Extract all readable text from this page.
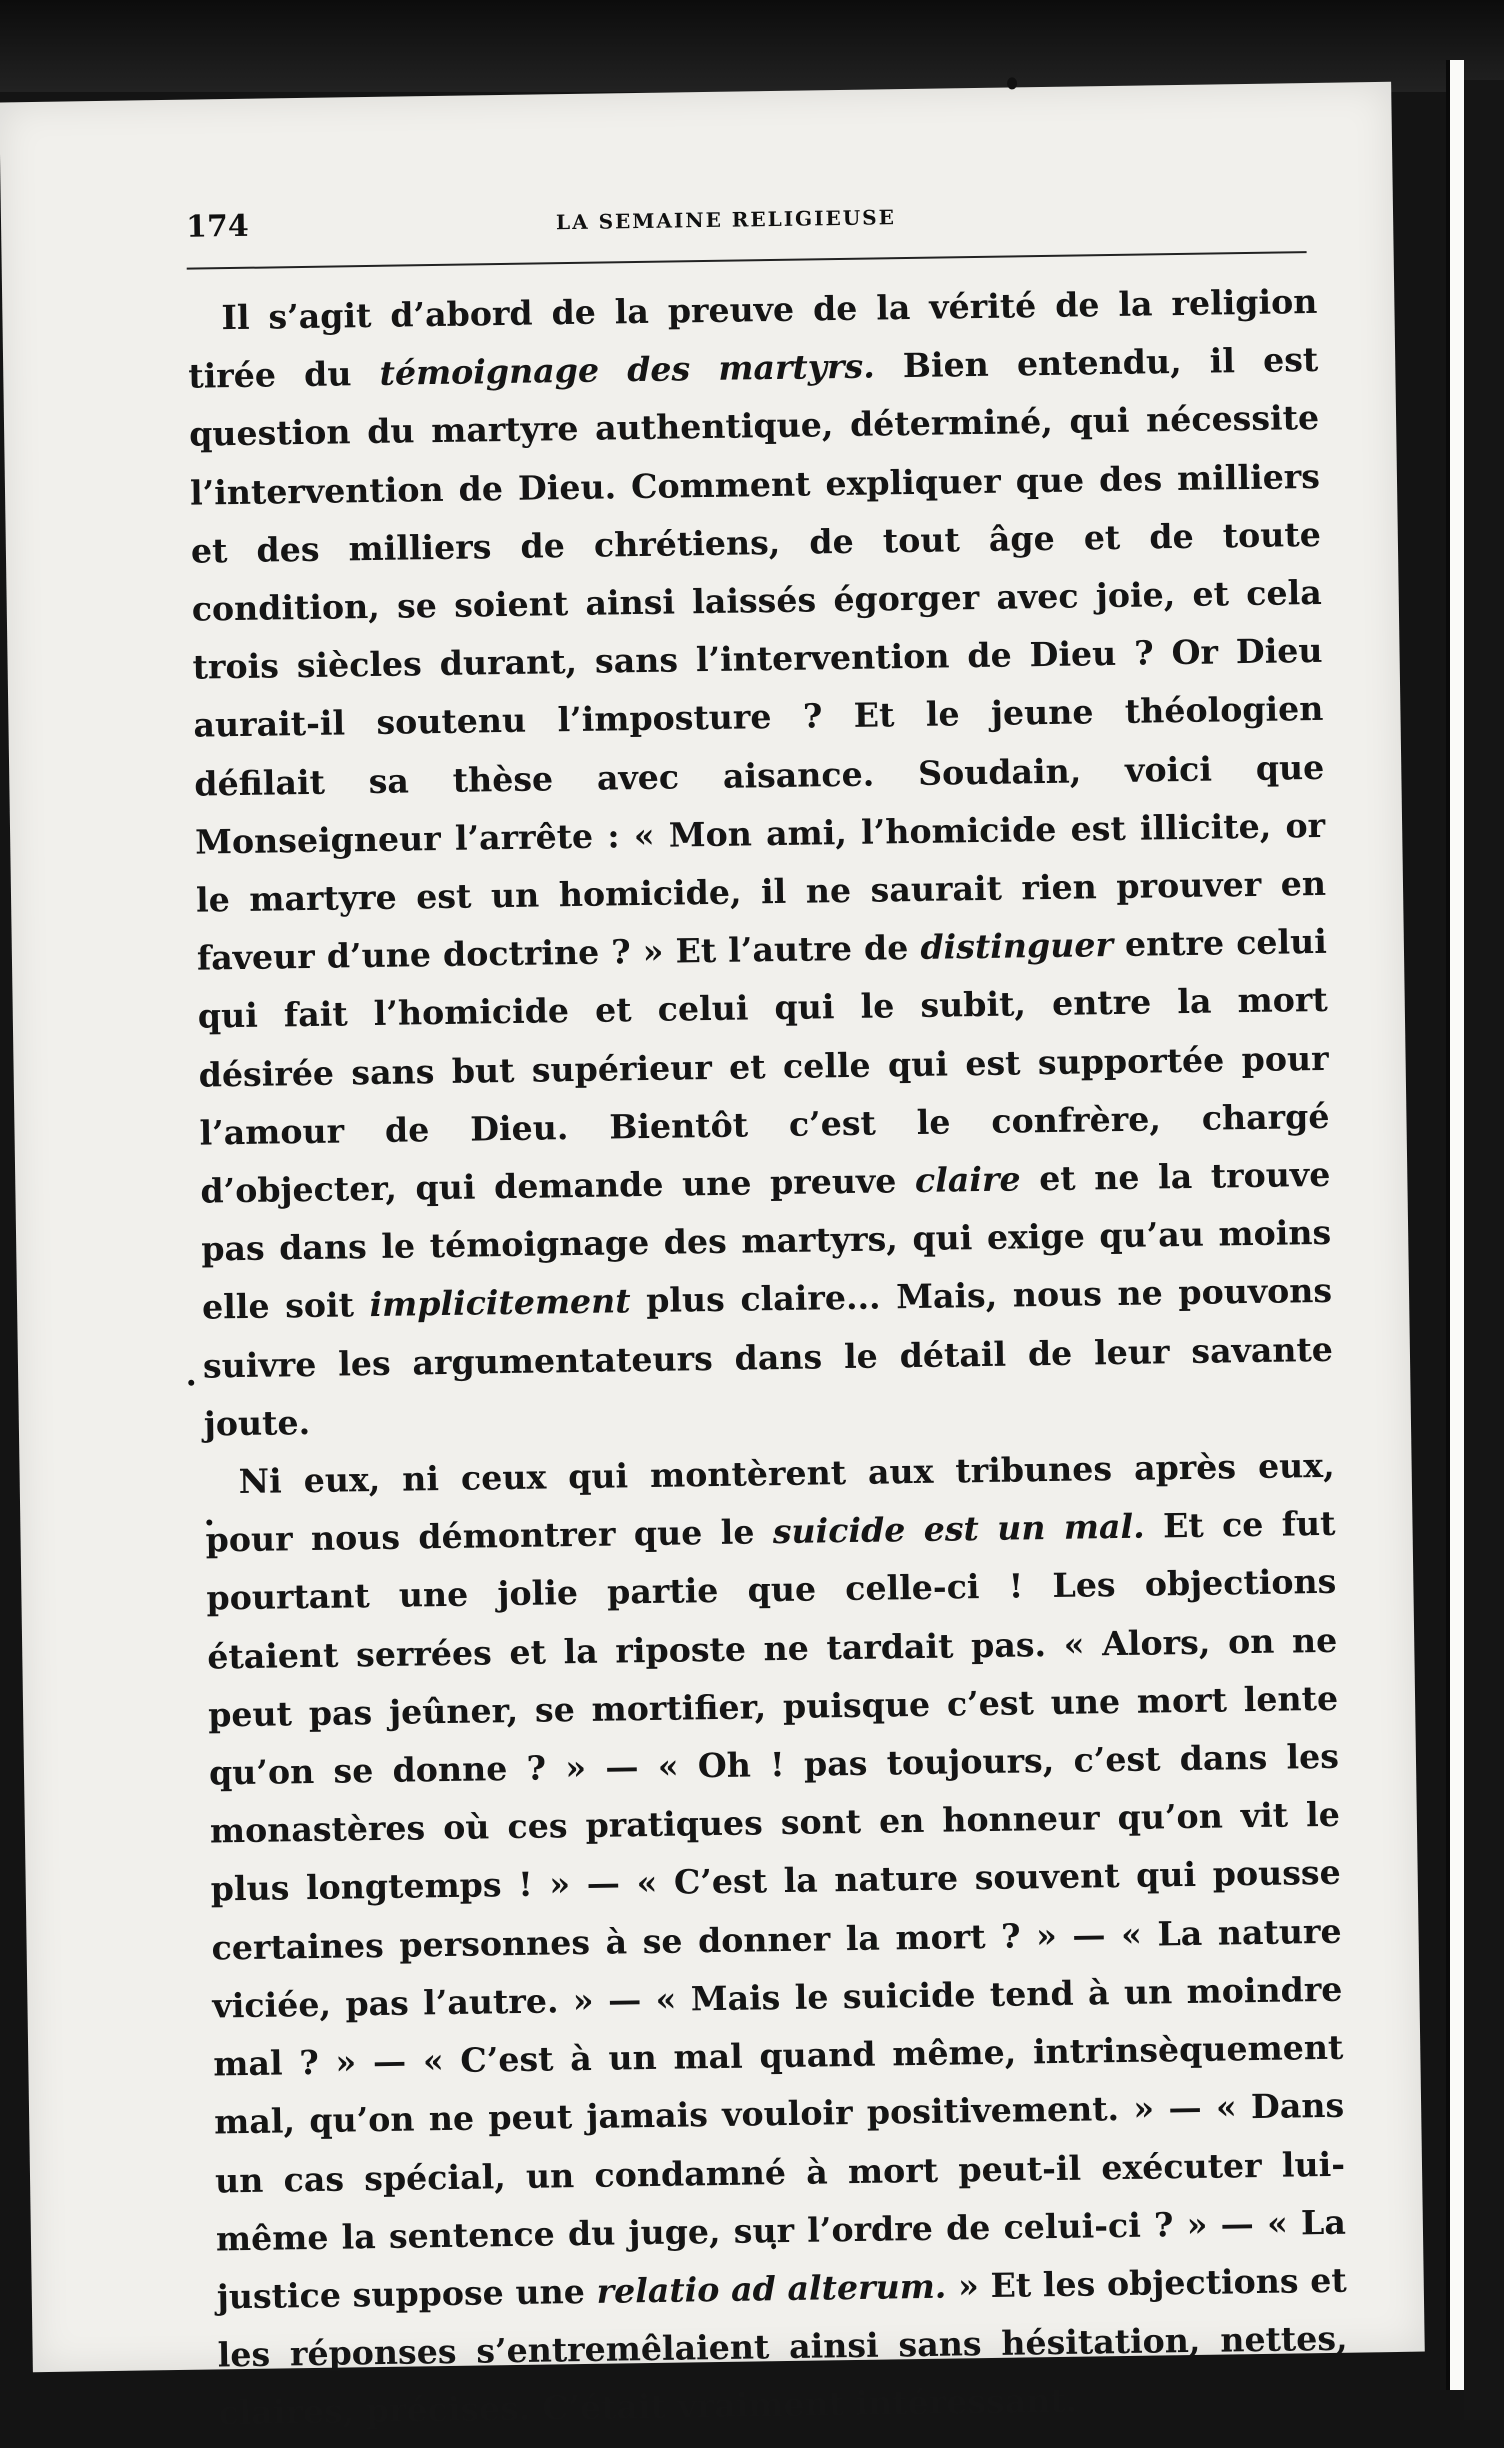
174	LA SEMAINE RELIGIEUSE

Il s’agit d’abord de la preuve de la vérité de la religion tirée du témoignage des martyrs. Bien entendu, il est question du martyre authentique, déterminé, qui nécessite l’intervention de Dieu. Comment expliquer que des milliers et des milliers de chrétiens, de tout âge et de toute condition, se soient ainsi laissés égorger avec joie, et cela trois siècles durant, sans l’intervention de Dieu ? Or Dieu aurait-il soutenu l’imposture ? Et le jeune théologien défilait sa thèse avec aisance. Soudain, voici que Monseigneur l’arrête : « Mon ami, l’homicide est illicite, or le martyre est un homicide, il ne saurait rien prouver en faveur d’une doctrine ? » Et l’autre de distinguer entre celui qui fait l’homicide et celui qui le subit, entre la mort désirée sans but supérieur et celle qui est supportée pour l’amour de Dieu. Bientôt c’est le confrère, chargé d’objecter, qui demande une preuve claire et ne la trouve pas dans le témoignage des martyrs, qui exige qu’au moins elle soit implicitement plus claire... Mais, nous ne pouvons suivre les argumentateurs dans le détail de leur savante joute.

Ni eux, ni ceux qui montèrent aux tribunes après eux, pour nous démontrer que le suicide est un mal. Et ce fut pourtant une jolie partie que celle-ci ! Les objections étaient serrées et la riposte ne tardait pas. « Alors, on ne peut pas jeûner, se mortifier, puisque c’est une mort lente qu’on se donne ? » — « Oh ! pas toujours, c’est dans les monastères où ces pratiques sont en honneur qu’on vit le plus longtemps ! » — « C’est la nature souvent qui pousse certaines personnes à se donner la mort ? » — « La nature viciée, pas l’autre. » — « Mais le suicide tend à un moindre mal ? » — « C’est à un mal quand même, intrinsèquement mal, qu’on ne peut jamais vouloir positivement. » — « Dans un cas spécial, un condamné à mort peut-il exécuter lui-même la sentence du juge, sur l’ordre de celui-ci ? » — « La justice suppose une relatio ad alterum. » Et les objections et les réponses s’entremêlaient ainsi sans hésitation, nettes, claires, précises. C’était vraiment intéressant.
